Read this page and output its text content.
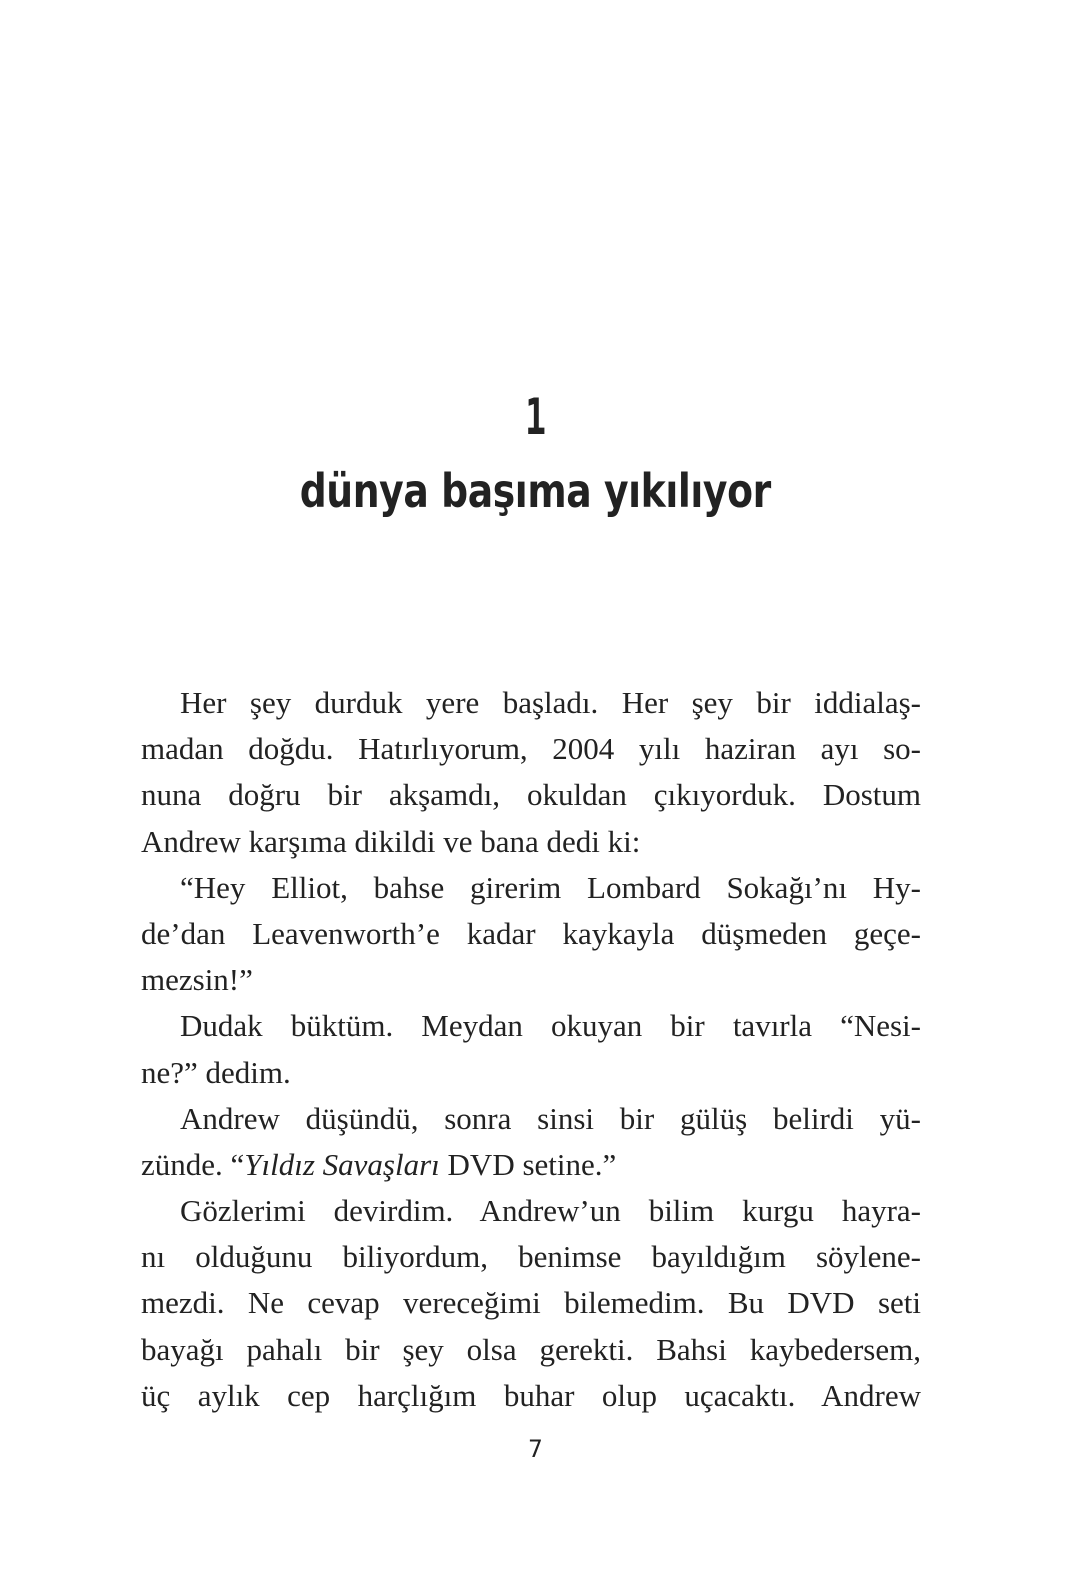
1
dünya başıma yıkılıyor
Her şey durduk yere başladı. Her şey bir iddialaş-
madan doğdu. Hatırlıyorum, 2004 yılı haziran ayı so-
nuna doğru bir akşamdı, okuldan çıkıyorduk. Dostum
Andrew karşıma dikildi ve bana dedi ki:
“Hey Elliot, bahse girerim Lombard Sokağı’nı Hy-
de’dan Leavenworth’e kadar kaykayla düşmeden geçe-
mezsin!”
Dudak büktüm. Meydan okuyan bir tavırla “Nesi-
ne?” dedim.
Andrew düşündü, sonra sinsi bir gülüş belirdi yü-
zünde. “Yıldız Savaşları DVD setine.”
Gözlerimi devirdim. Andrew’un bilim kurgu hayra-
nı olduğunu biliyordum, benimse bayıldığım söylene-
mezdi. Ne cevap vereceğimi bilemedim. Bu DVD seti
bayağı pahalı bir şey olsa gerekti. Bahsi kaybedersem,
üç aylık cep harçlığım buhar olup uçacaktı. Andrew
7
